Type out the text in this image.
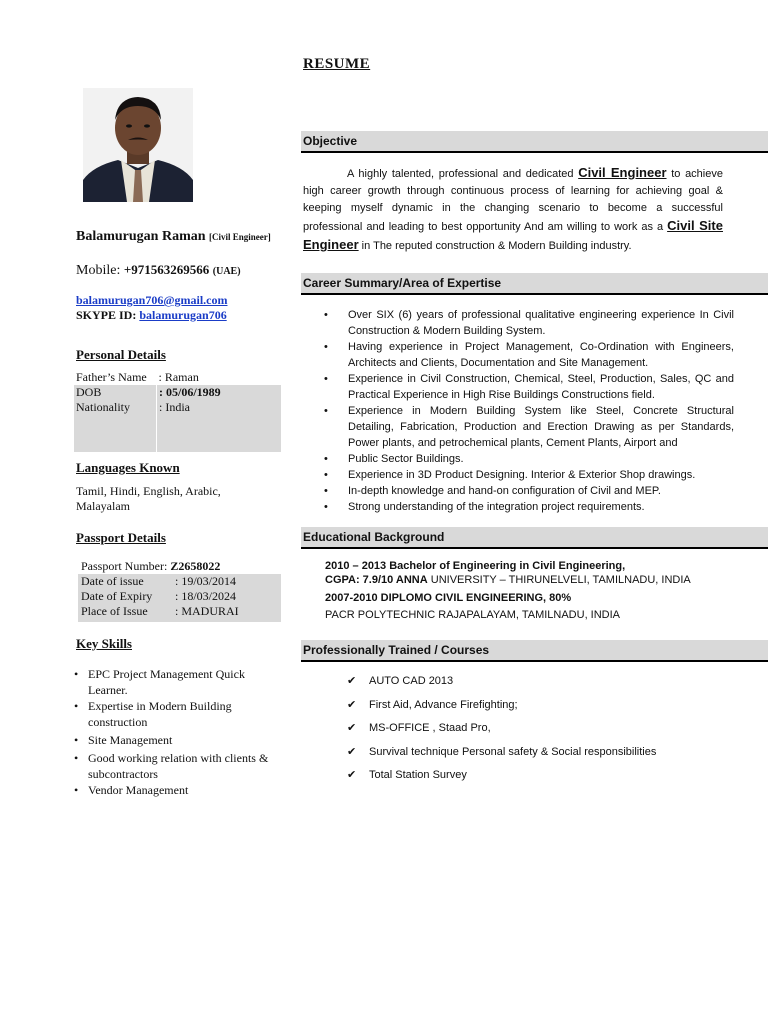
RESUME
Balamurugan Raman [Civil Engineer]
Mobile: +971563269566 (UAE)
balamurugan706@gmail.com
SKYPE ID: balamurugan706
Personal Details
Father’s Name	: Raman
DOB	: 05/06/1989
Nationality	: India
Languages Known
Tamil, Hindi, English, Arabic, Malayalam
Passport Details
Passport Number: Z2658022	
Date of issue	: 19/03/2014
Date of Expiry	: 18/03/2024
Place of Issue	: MADURAI
Key Skills
• EPC Project Management Quick Learner.
• Expertise in Modern Building construction
• Site Management
• Good working relation with clients & subcontractors
• Vendor Management
Objective
A highly talented, professional and dedicated Civil Engineer to achieve high career growth through continuous process of learning for achieving goal & keeping myself dynamic in the changing scenario to become a successful professional and leading to best opportunity And am willing to work as a Civil Site Engineer in The reputed construction & Modern Building industry.
Career Summary/Area of Expertise
• Over SIX (6) years of professional qualitative engineering experience In Civil Construction & Modern Building System.
• Having experience in Project Management, Co-Ordination with Engineers, Architects and Clients, Documentation and Site Management.
• Experience in Civil Construction, Chemical, Steel, Production, Sales, QC and Practical Experience in High Rise Buildings Constructions field.
• Experience in Modern Building System like Steel, Concrete Structural Detailing, Fabrication, Production and Erection Drawing as per Standards, Power plants, and petrochemical plants, Cement Plants, Airport and
• Public Sector Buildings.
• Experience in 3D Product Designing. Interior & Exterior Shop drawings.
• In-depth knowledge and hand-on configuration of Civil and MEP.
• Strong understanding of the integration project requirements.
Educational Background
2010 – 2013 Bachelor of Engineering in Civil Engineering,
CGPA: 7.9/10 ANNA UNIVERSITY – THIRUNELVELI, TAMILNADU, INDIA
2007-2010 DIPLOMO CIVIL ENGINEERING, 80%
PACR POLYTECHNIC RAJAPALAYAM, TAMILNADU, INDIA
Professionally Trained / Courses
✔ AUTO CAD 2013
✔ First Aid, Advance Firefighting;
✔ MS-OFFICE , Staad Pro,
✔ Survival technique Personal safety & Social responsibilities
✔ Total Station Survey
